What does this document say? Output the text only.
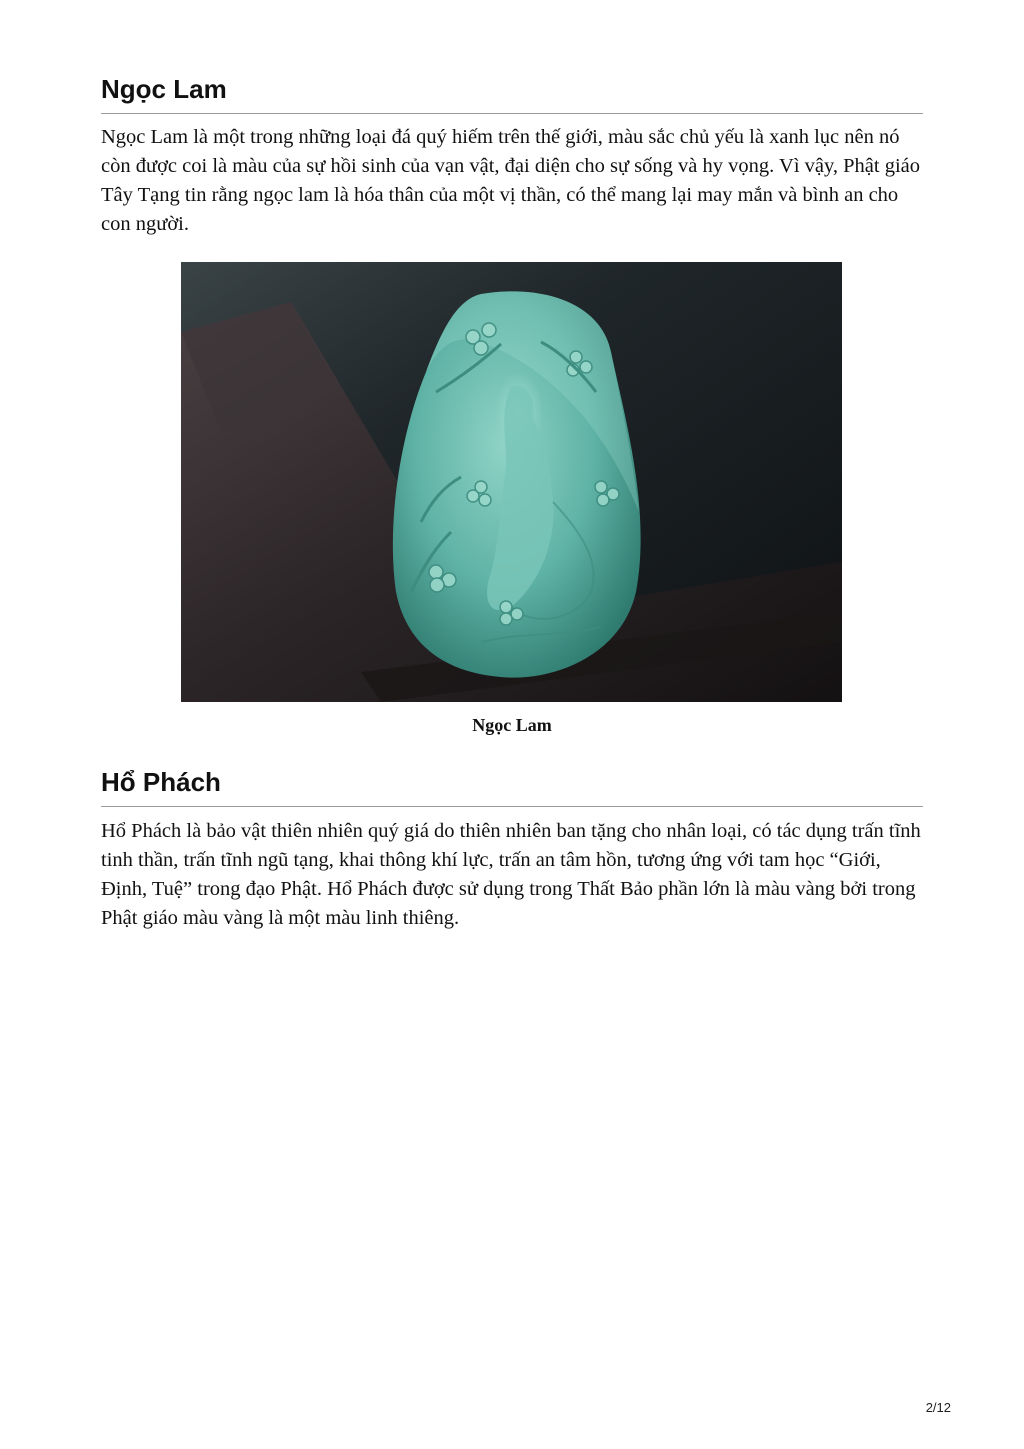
Ngọc Lam

Ngọc Lam là một trong những loại đá quý hiếm trên thế giới, màu sắc chủ yếu là xanh lục nên nó còn được coi là màu của sự hồi sinh của vạn vật, đại diện cho sự sống và hy vọng. Vì vậy, Phật giáo Tây Tạng tin rằng ngọc lam là hóa thân của một vị thần, có thể mang lại may mắn và bình an cho con người.

Ngọc Lam
Hổ Phách

Hổ Phách là bảo vật thiên nhiên quý giá do thiên nhiên ban tặng cho nhân loại, có tác dụng trấn tĩnh tinh thần, trấn tĩnh ngũ tạng, khai thông khí lực, trấn an tâm hồn, tương ứng với tam học “Giới, Định, Tuệ” trong đạo Phật. Hổ Phách được sử dụng trong Thất Bảo phần lớn là màu vàng bởi trong Phật giáo màu vàng là một màu linh thiêng.

2/12
